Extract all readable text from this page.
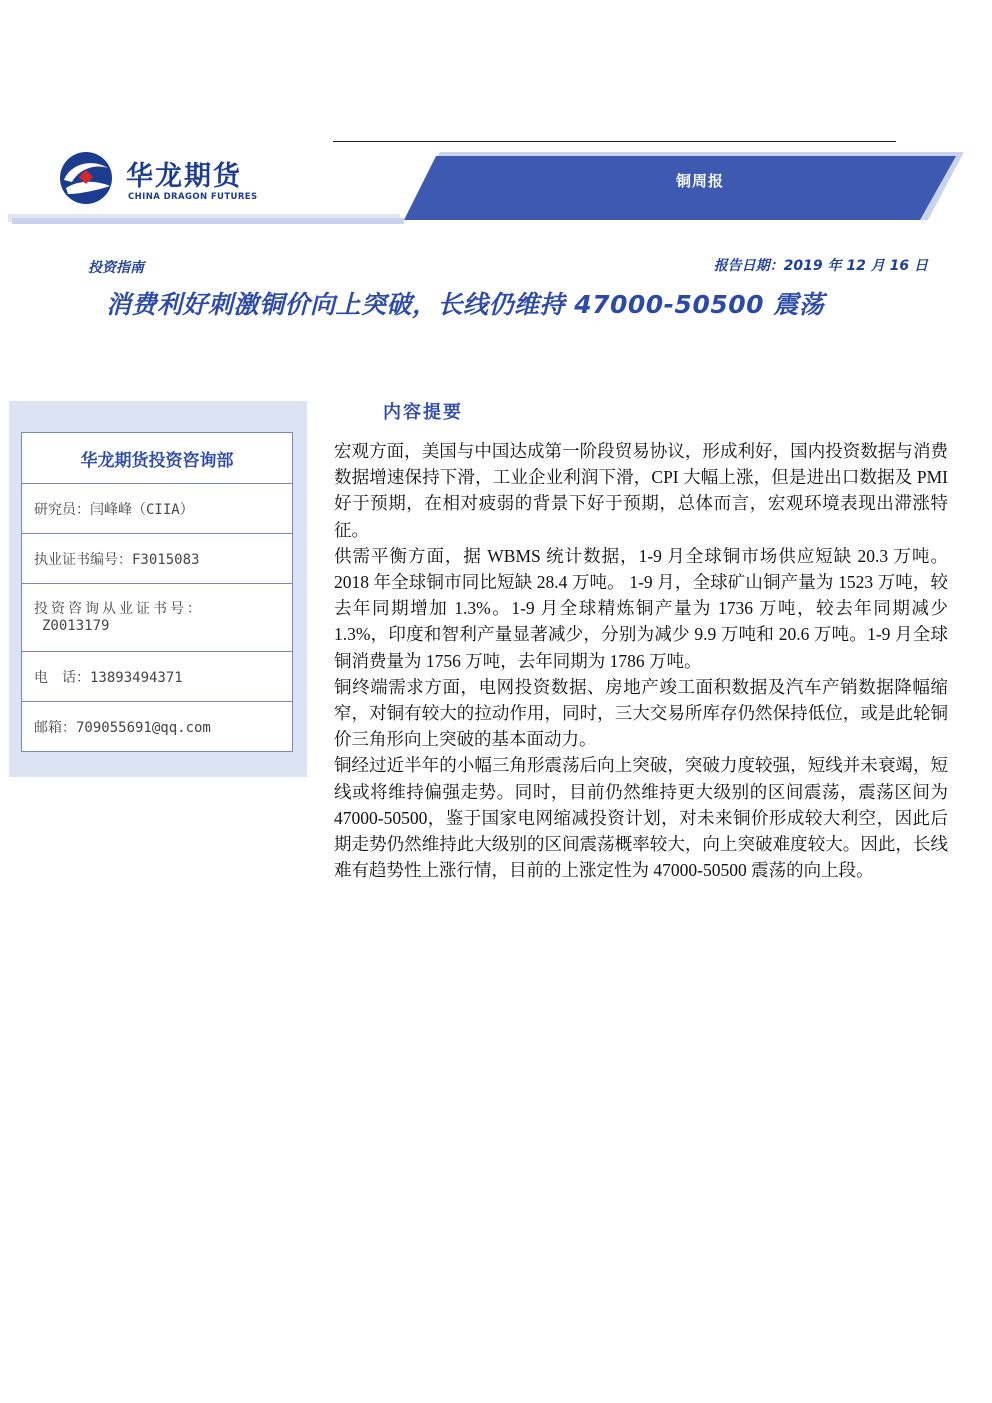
铜周报
华龙期货
CHINA DRAGON FUTURES
投资指南	报告日期：2019 年 12 月 16 日
消费利好刺激铜价向上突破，长线仍维持 47000-50500 震荡
华龙期货投资咨询部
研究员：闫峰峰（CIIA）
执业证书编号：F3015083
投资咨询从业证书号：
Z0013179
电　话：13893494371
邮箱：709055691@qq.com
内容提要

宏观方面，美国与中国达成第一阶段贸易协议，形成利好，国内投资数据与消费数据增速保持下滑，工业企业利润下滑，CPI 大幅上涨，但是进出口数据及 PMI 好于预期，在相对疲弱的背景下好于预期，总体而言，宏观环境表现出滞涨特征。

供需平衡方面，据 WBMS 统计数据，1-9 月全球铜市场供应短缺 20.3 万吨。2018 年全球铜市同比短缺 28.4 万吨。 1-9 月，全球矿山铜产量为 1523 万吨，较去年同期增加 1.3%。1-9 月全球精炼铜产量为 1736 万吨，较去年同期减少 1.3%，印度和智利产量显著减少，分别为减少 9.9 万吨和 20.6 万吨。1-9 月全球铜消费量为 1756 万吨，去年同期为 1786 万吨。

铜终端需求方面，电网投资数据、房地产竣工面积数据及汽车产销数据降幅缩窄，对铜有较大的拉动作用，同时，三大交易所库存仍然保持低位，或是此轮铜价三角形向上突破的基本面动力。

铜经过近半年的小幅三角形震荡后向上突破，突破力度较强，短线并未衰竭，短线或将维持偏强走势。同时，目前仍然维持更大级别的区间震荡，震荡区间为 47000-50500，鉴于国家电网缩减投资计划，对未来铜价形成较大利空，因此后期走势仍然维持此大级别的区间震荡概率较大，向上突破难度较大。因此，长线难有趋势性上涨行情，目前的上涨定性为 47000-50500 震荡的向上段。
